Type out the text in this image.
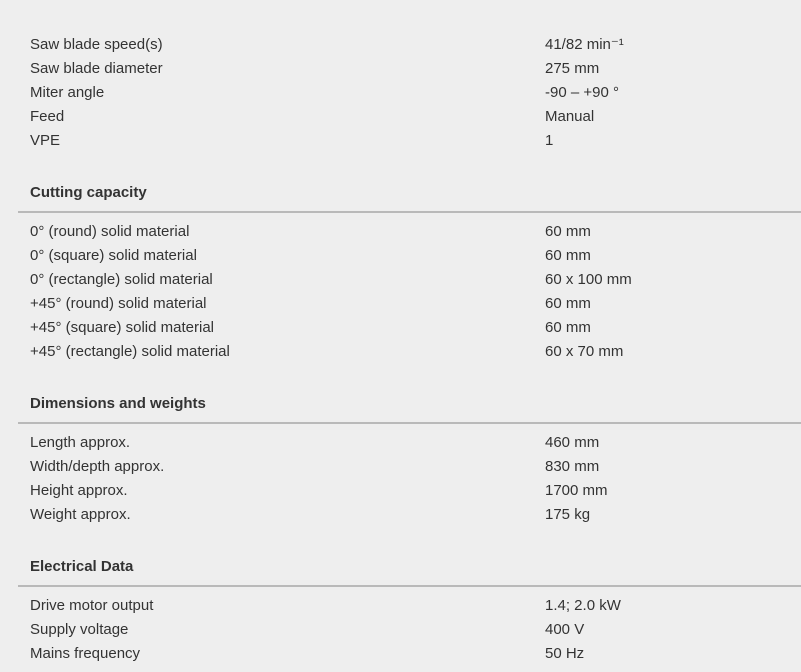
Saw blade speed(s)	41/82 min⁻¹
Saw blade diameter	275 mm
Miter angle	-90 – +90 °
Feed	Manual
VPE	1
Cutting capacity
0° (round) solid material	60 mm
0° (square) solid material	60 mm
0° (rectangle) solid material	60 x 100 mm
+45° (round) solid material	60 mm
+45° (square) solid material	60 mm
+45° (rectangle) solid material	60 x 70 mm
Dimensions and weights
Length approx.	460 mm
Width/depth approx.	830 mm
Height approx.	1700 mm
Weight approx.	175 kg
Electrical Data
Drive motor output	1.4; 2.0 kW
Supply voltage	400 V
Mains frequency	50 Hz
